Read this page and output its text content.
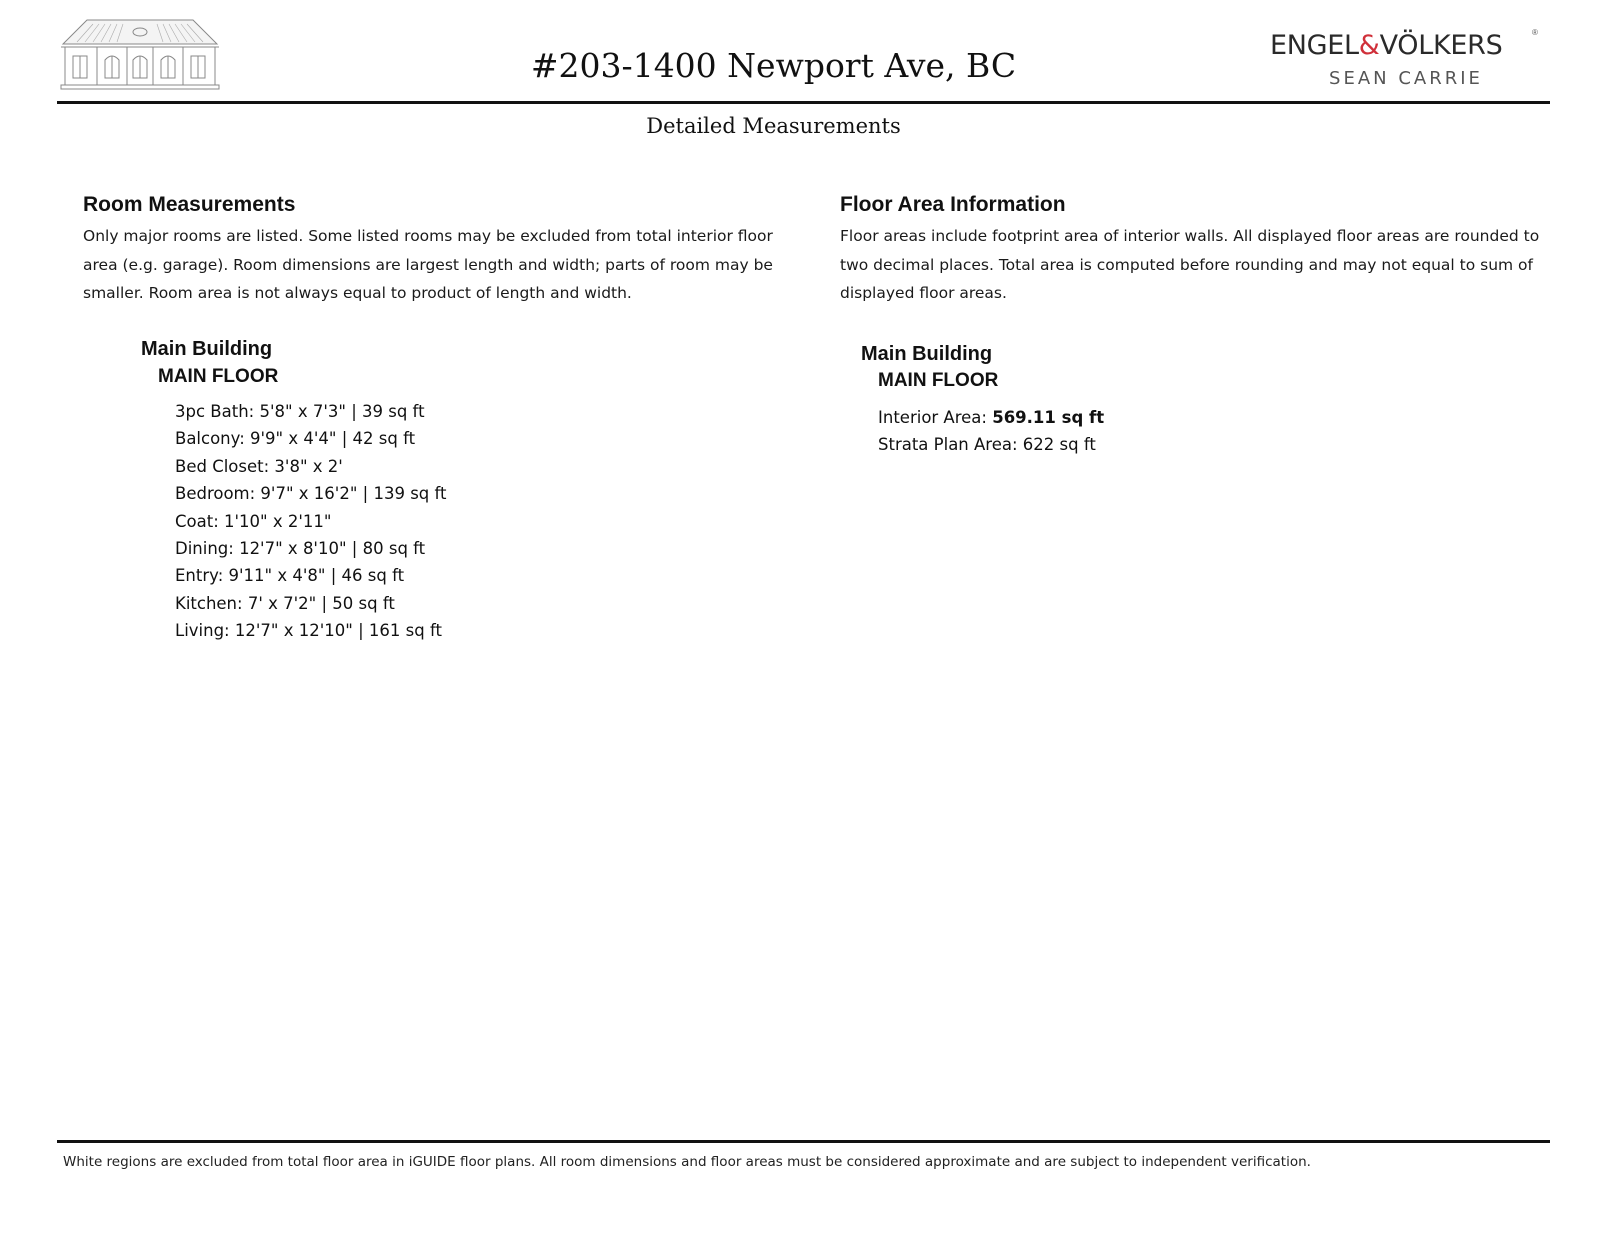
#203-1400 Newport Ave, BC
ENGEL&VÖLKERS	®
SEAN CARRIE
Detailed Measurements
Room Measurements

Only major rooms are listed. Some listed rooms may be excluded from total interior floor area (e.g. garage). Room dimensions are largest length and width; parts of room may be smaller. Room area is not always equal to product of length and width.

Main Building
MAIN FLOOR
3pc Bath: 5'8" x 7'3" | 39 sq ft
Balcony: 9'9" x 4'4" | 42 sq ft
Bed Closet: 3'8" x 2'
Bedroom: 9'7" x 16'2" | 139 sq ft
Coat: 1'10" x 2'11"
Dining: 12'7" x 8'10" | 80 sq ft
Entry: 9'11" x 4'8" | 46 sq ft
Kitchen: 7' x 7'2" | 50 sq ft
Living: 12'7" x 12'10" | 161 sq ft
Floor Area Information

Floor areas include footprint area of interior walls. All displayed floor areas are rounded to two decimal places. Total area is computed before rounding and may not equal to sum of displayed floor areas.

Main Building
MAIN FLOOR
Interior Area: 569.11 sq ft
Strata Plan Area: 622 sq ft
White regions are excluded from total floor area in iGUIDE floor plans. All room dimensions and floor areas must be considered approximate and are subject to independent verification.
